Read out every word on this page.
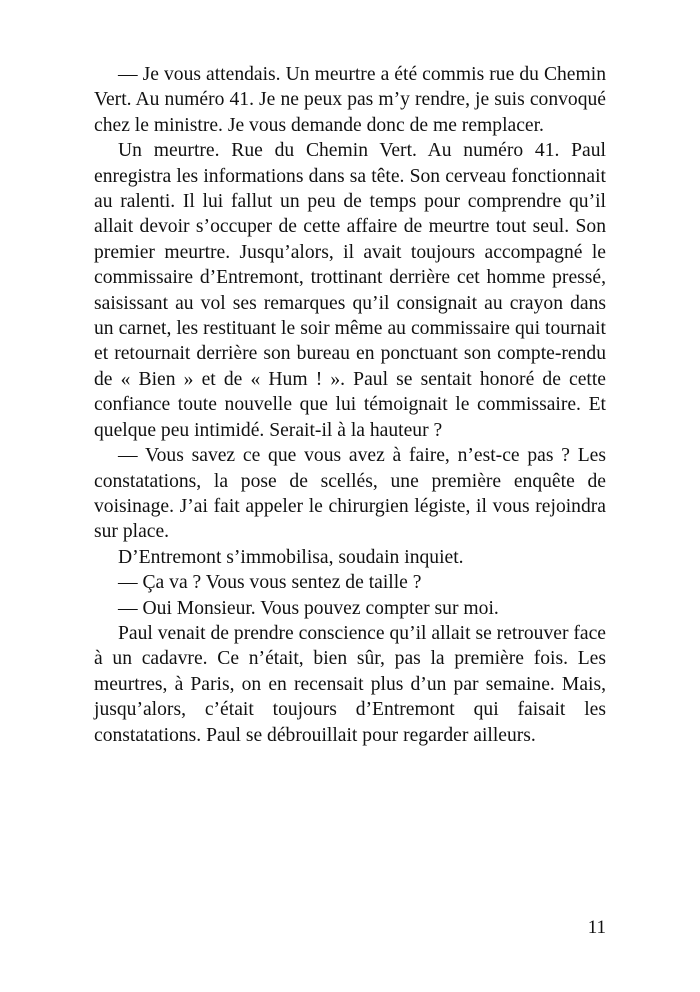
— Je vous attendais. Un meurtre a été commis rue du Chemin Vert. Au numéro 41. Je ne peux pas m’y rendre, je suis convoqué chez le ministre. Je vous demande donc de me remplacer.

Un meurtre. Rue du Chemin Vert. Au numéro 41. Paul enregistra les informations dans sa tête. Son cerveau fonctionnait au ralenti. Il lui fallut un peu de temps pour comprendre qu’il allait devoir s’occuper de cette affaire de meurtre tout seul. Son premier meurtre. Jusqu’alors, il avait toujours accompagné le commissaire d’Entremont, trottinant derrière cet homme pressé, saisissant au vol ses remarques qu’il consignait au crayon dans un carnet, les restituant le soir même au commissaire qui tournait et retournait derrière son bureau en ponctuant son compte-rendu de « Bien » et de « Hum ! ». Paul se sentait honoré de cette confiance toute nouvelle que lui témoignait le commissaire. Et quelque peu intimidé. Serait-il à la hauteur ?

— Vous savez ce que vous avez à faire, n’est-ce pas ? Les constatations, la pose de scellés, une première enquête de voisinage. J’ai fait appeler le chirurgien légiste, il vous rejoindra sur place.

D’Entremont s’immobilisa, soudain inquiet.

— Ça va ? Vous vous sentez de taille ?

— Oui Monsieur. Vous pouvez compter sur moi.

Paul venait de prendre conscience qu’il allait se retrouver face à un cadavre. Ce n’était, bien sûr, pas la première fois. Les meurtres, à Paris, on en recensait plus d’un par semaine. Mais, jusqu’alors, c’était toujours d’Entremont qui faisait les constatations. Paul se débrouillait pour regarder ailleurs.

11
